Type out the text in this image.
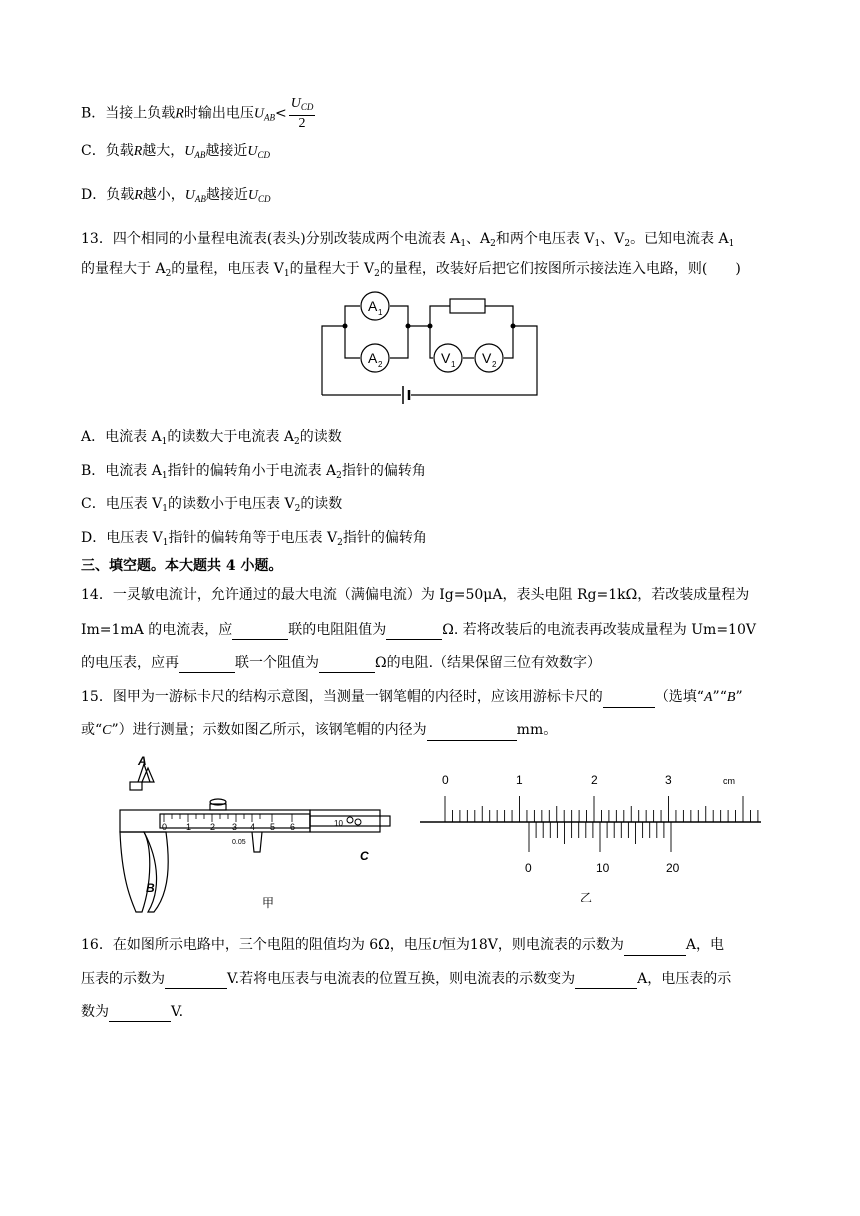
B．当接上负载R时输出电压$U_{AB}< \frac{U_{CD}}{2}$
C．负载R越大，$U_{AB}$越接近$U_{CD}$
D．负载R越小，$U_{AB}$越接近$U_{CD}$
13．四个相同的小量程电流表(表头)分别改装成两个电流表 $A_1$、$A_2$和两个电压表 $V_1$、$V_2$。已知电流表 $A_1$
的量程大于 $A_2$的量程，电压表 $V_1$的量程大于 $V_2$的量程，改装好后把它们按图所示接法连入电路，则(　　)
A 1
A 2	V 1 V 2
A．电流表 $A_1$的读数大于电流表 $A_2$的读数
B．电流表 $A_1$指针的偏转角小于电流表 $A_2$指针的偏转角
C．电压表 $V_1$的读数小于电压表 $V_2$的读数
D．电压表 $V_1$指针的偏转角等于电压表 $V_2$指针的偏转角
三、填空题。本大题共 4 小题。
14．一灵敏电流计，允许通过的最大电流（满偏电流）为 Ig=50μA，表头电阻 Rg=1kΩ，若改装成量程为
Im=1mA 的电流表，应	联的电阻阻值为	Ω. 若将改装后的电流表再改装成量程为 Um=10V
的电压表，应再	联一个阻值为	Ω的电阻.（结果保留三位有效数字）
15．图甲为一游标卡尺的结构示意图，当测量一钢笔帽的内径时，应该用游标卡尺的	（选填“A”“B”
或“C”）进行测量；示数如图乙所示，该钢笔帽的内径为	mm。
A
B
C
0 1 2 3 4 5 6
0.05
10
甲
0	1	2	3	cm
0	10	20
乙
16．在如图所示电路中，三个电阻的阻值均为 6Ω，电压U恒为18V，则电流表的示数为	A，电
压表的示数为	V.若将电压表与电流表的位置互换，则电流表的示数变为	A，电压表的示
数为	V.
